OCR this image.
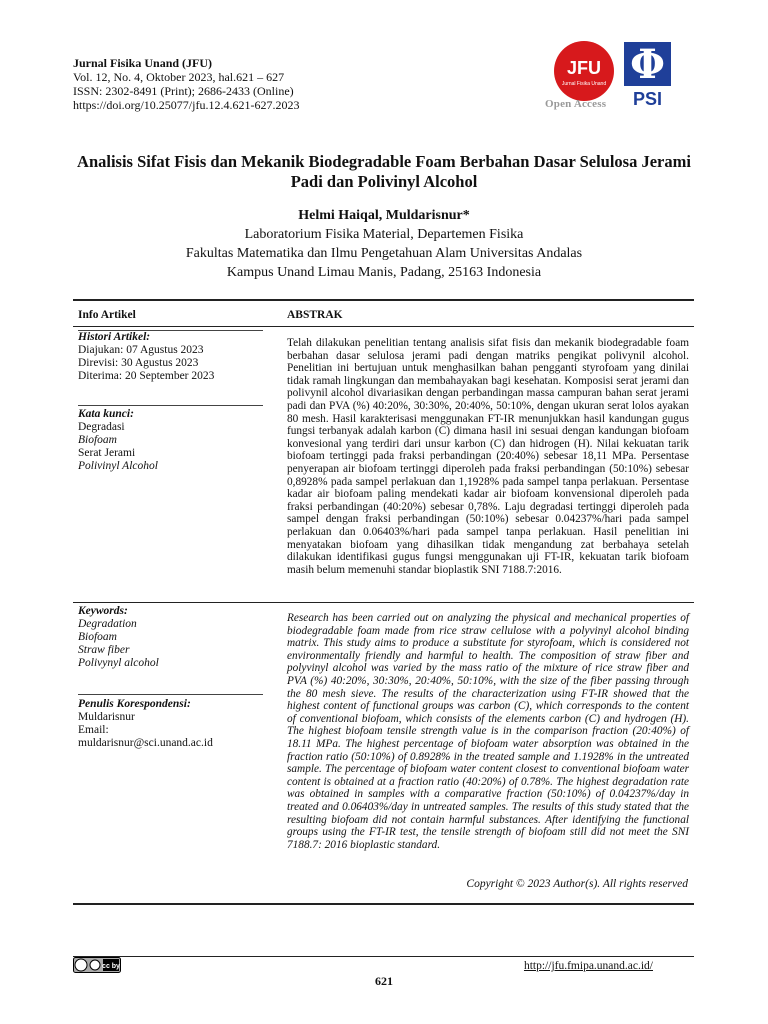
Jurnal Fisika Unand (JFU)
Vol. 12, No. 4, Oktober 2023, hal.621 – 627
ISSN: 2302-8491 (Print); 2686-2433 (Online)
https://doi.org/10.25077/jfu.12.4.621-627.2023
JFU
Jurnal Fisika Unand
Open Access
Φ
PSI
Analisis Sifat Fisis dan Mekanik Biodegradable Foam Berbahan Dasar Selulosa Jerami Padi dan Polivinyl Alcohol
Helmi Haiqal, Muldarisnur*
Laboratorium Fisika Material, Departemen Fisika
Fakultas Matematika dan Ilmu Pengetahuan Alam Universitas Andalas
Kampus Unand Limau Manis, Padang, 25163 Indonesia
Info Artikel	ABSTRAK
Histori Artikel:
Diajukan: 07 Agustus 2023
Direvisi: 30 Agustus 2023
Diterima: 20 September 2023
Kata kunci:
Degradasi
Biofoam
Serat Jerami
Polivinyl Alcohol
Telah dilakukan penelitian tentang analisis sifat fisis dan mekanik biodegradable foam berbahan dasar selulosa jerami padi dengan matriks pengikat polivynil alcohol. Penelitian ini bertujuan untuk menghasilkan bahan pengganti styrofoam yang dinilai tidak ramah lingkungan dan membahayakan bagi kesehatan. Komposisi serat jerami dan polivynil alcohol divariasikan dengan perbandingan massa campuran bahan serat jerami padi dan PVA (%) 40:20%, 30:30%, 20:40%, 50:10%, dengan ukuran serat lolos ayakan 80 mesh. Hasil karakterisasi menggunakan FT-IR menunjukkan hasil kandungan gugus fungsi terbanyak adalah karbon (C) dimana hasil ini sesuai dengan kandungan biofoam konvesional yang terdiri dari unsur karbon (C) dan hidrogen (H). Nilai kekuatan tarik biofoam tertinggi pada fraksi perbandingan (20:40%) sebesar 18,11 MPa. Persentase penyerapan air biofoam tertinggi diperoleh pada fraksi perbandingan (50:10%) sebesar 0,8928% pada sampel perlakuan dan 1,1928% pada sampel tanpa perlakuan. Persentase kadar air biofoam paling mendekati kadar air biofoam konvensional diperoleh pada fraksi perbandingan (40:20%) sebesar 0,78%. Laju degradasi tertinggi diperoleh pada sampel dengan fraksi perbandingan (50:10%) sebesar 0.04237%/hari pada sampel perlakuan dan 0.06403%/hari pada sampel tanpa perlakuan. Hasil penelitian ini menyatakan biofoam yang dihasilkan tidak mengandung zat berbahaya setelah dilakukan identifikasi gugus fungsi menggunakan uji FT-IR, kekuatan tarik biofoam masih belum memenuhi standar bioplastik SNI 7188.7:2016.
Keywords:
Degradation
Biofoam
Straw fiber
Polivynyl alcohol
Penulis Korespondensi:
Muldarisnur
Email:
muldarisnur@sci.unand.ac.id
Research has been carried out on analyzing the physical and mechanical properties of biodegradable foam made from rice straw cellulose with a polyvinyl alcohol binding matrix. This study aims to produce a substitute for styrofoam, which is considered not environmentally friendly and harmful to health. The composition of straw fiber and polyvinyl alcohol was varied by the mass ratio of the mixture of rice straw fiber and PVA (%) 40:20%, 30:30%, 20:40%, 50:10%, with the size of the fiber passing through the 80 mesh sieve. The results of the characterization using FT-IR showed that the highest content of functional groups was carbon (C), which corresponds to the content of conventional biofoam, which consists of the elements carbon (C) and hydrogen (H). The highest biofoam tensile strength value is in the comparison fraction (20:40%) of 18.11 MPa. The highest percentage of biofoam water absorption was obtained in the fraction ratio (50:10%) of 0.8928% in the treated sample and 1.1928% in the untreated sample. The percentage of biofoam water content closest to conventional biofoam water content is obtained at a fraction ratio (40:20%) of 0.78%. The highest degradation rate was obtained in samples with a comparative fraction (50:10%) of 0.04237%/day in treated and 0.06403%/day in untreated samples. The results of this study stated that the resulting biofoam did not contain harmful substances. After identifying the functional groups using the FT-IR test, the tensile strength of biofoam still did not meet the SNI 7188.7: 2016 bioplastic standard.
Copyright © 2023 Author(s). All rights reserved
cc by	http://jfu.fmipa.unand.ac.id/
621
